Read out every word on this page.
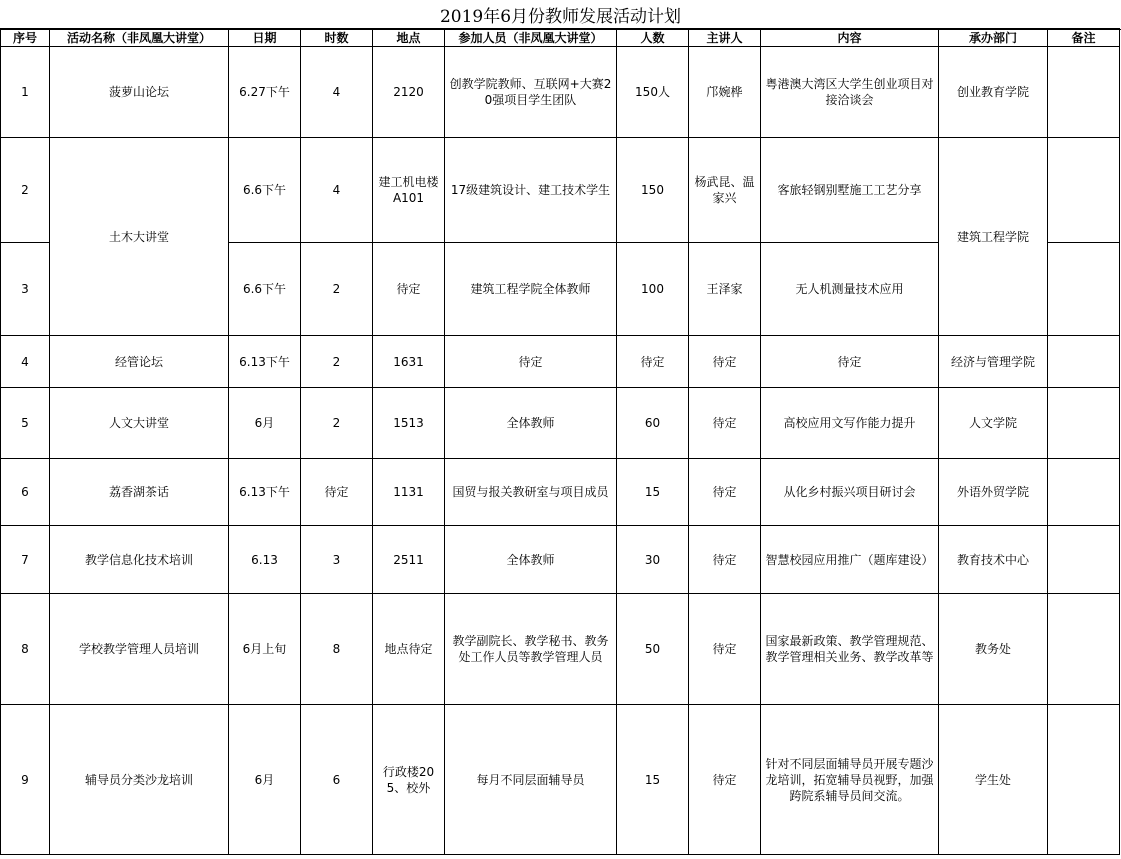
2019年6月份教师发展活动计划
序号	活动名称（非凤凰大讲堂）	日期	时数	地点	参加人员（非凤凰大讲堂）	人数	主讲人	内容	承办部门	备注
1	菠萝山论坛	6.27下午	4	2120	创教学院教师、互联网+大赛20强项目学生团队	150人	邝婉桦	粤港澳大湾区大学生创业项目对接洽谈会	创业教育学院	
2	土木大讲堂	6.6下午	4	建工机电楼A101	17级建筑设计、建工技术学生	150	杨武昆、温家兴	客旅轻钢别墅施工工艺分享	建筑工程学院	
3		6.6下午	2	待定	建筑工程学院全体教师	100	王泽家	无人机测量技术应用		
4	经管论坛	6.13下午	2	1631	待定	待定	待定	待定	经济与管理学院	
5	人文大讲堂	6月	2	1513	全体教师	60	待定	高校应用文写作能力提升	人文学院	
6	荔香湖茶话	6.13下午	待定	1131	国贸与报关教研室与项目成员	15	待定	从化乡村振兴项目研讨会	外语外贸学院	
7	教学信息化技术培训	6.13	3	2511	全体教师	30	待定	智慧校园应用推广（题库建设）	教育技术中心	
8	学校教学管理人员培训	6月上旬	8	地点待定	教学副院长、教学秘书、教务处工作人员等教学管理人员	50	待定	国家最新政策、教学管理规范、教学管理相关业务、教学改革等	教务处	
9	辅导员分类沙龙培训	6月	6	行政楼205、校外	每月不同层面辅导员	15	待定	针对不同层面辅导员开展专题沙龙培训，拓宽辅导员视野，加强跨院系辅导员间交流。	学生处	
